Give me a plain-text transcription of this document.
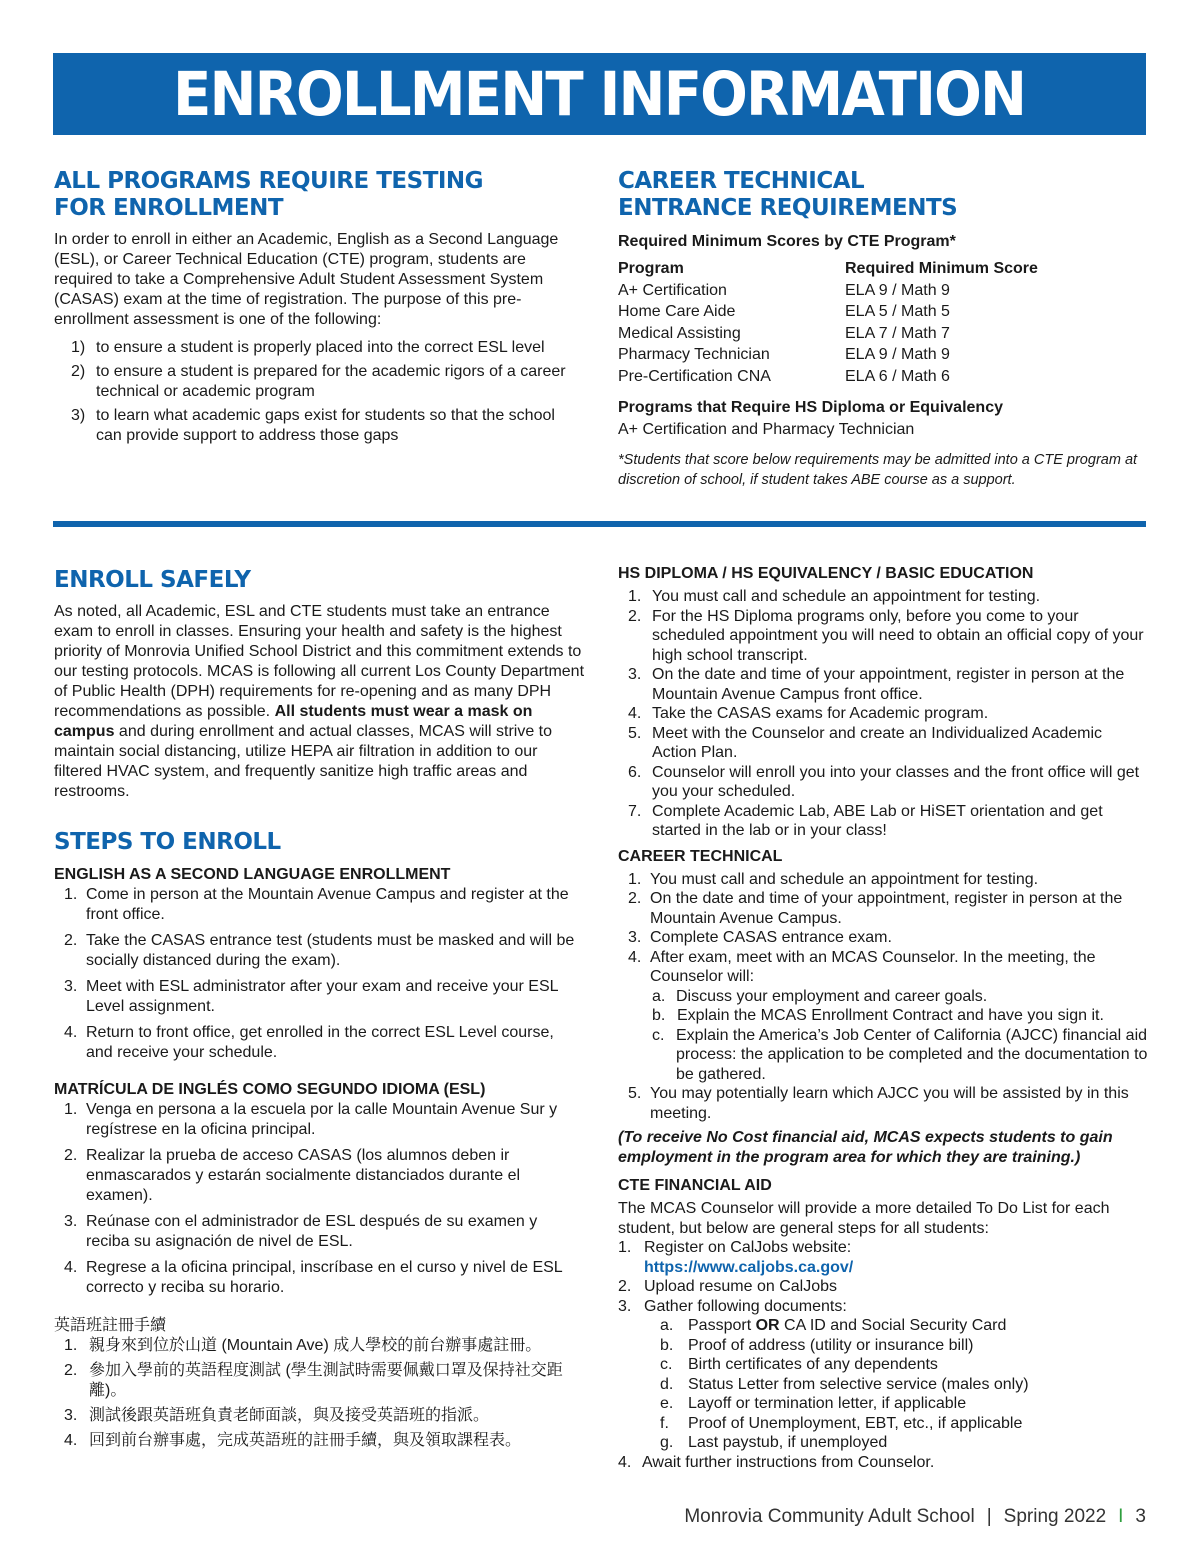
ENROLLMENT INFORMATION
ALL PROGRAMS REQUIRE TESTING
FOR ENROLLMENT

In order to enroll in either an Academic, English as a Second Language (ESL), or Career Technical Education (CTE) program, students are required to take a Comprehensive Adult Student Assessment System (CASAS) exam at the time of registration. The purpose of this pre-enrollment assessment is one of the following:

1) to ensure a student is properly placed into the correct ESL level
2) to ensure a student is prepared for the academic rigors of a career technical or academic program
3) to learn what academic gaps exist for students so that the school can provide support to address those gaps
CAREER TECHNICAL
ENTRANCE REQUIREMENTS
Required Minimum Scores by CTE Program*
Program	Required Minimum Score
A+ Certification	ELA 9 / Math 9
Home Care Aide	ELA 5 / Math 5
Medical Assisting	ELA 7 / Math 7
Pharmacy Technician	ELA 9 / Math 9
Pre-Certification CNA	ELA 6 / Math 6
Programs that Require HS Diploma or Equivalency

A+ Certification and Pharmacy Technician

*Students that score below requirements may be admitted into a CTE program at discretion of school, if student takes ABE course as a support.

ENROLL SAFELY

As noted, all Academic, ESL and CTE students must take an entrance exam to enroll in classes. Ensuring your health and safety is the highest priority of Monrovia Unified School District and this commitment extends to our testing protocols. MCAS is following all current Los County Department of Public Health (DPH) requirements for re-opening and as many DPH recommendations as possible. All students must wear a mask on campus and during enrollment and actual classes, MCAS will strive to maintain social distancing, utilize HEPA air filtration in addition to our filtered HVAC system, and frequently sanitize high traffic areas and restrooms.

STEPS TO ENROLL
ENGLISH AS A SECOND LANGUAGE ENROLLMENT
1. Come in person at the Mountain Avenue Campus and register at the front office.
2. Take the CASAS entrance test (students must be masked and will be socially distanced during the exam).
3. Meet with ESL administrator after your exam and receive your ESL Level assignment.
4. Return to front office, get enrolled in the correct ESL Level course, and receive your schedule.
MATRÍCULA DE INGLÉS COMO SEGUNDO IDIOMA (ESL)
1. Venga en persona a la escuela por la calle Mountain Avenue Sur y regístrese en la oficina principal.
2. Realizar la prueba de acceso CASAS (los alumnos deben ir enmascarados y estarán socialmente distanciados durante el examen).
3. Reúnase con el administrador de ESL después de su examen y reciba su asignación de nivel de ESL.
4. Regrese a la oficina principal, inscríbase en el curso y nivel de ESL correcto y reciba su horario.
英語班註冊手續
1. 親身來到位於山道 (Mountain Ave) 成人學校的前台辦事處註冊。
2. 參加入學前的英語程度測試 (學生測試時需要佩戴口罩及保持社交距離)。
3. 測試後跟英語班負責老師面談，與及接受英語班的指派。
4. 回到前台辦事處，完成英語班的註冊手續，與及領取課程表。
HS DIPLOMA / HS EQUIVALENCY / BASIC EDUCATION
1. You must call and schedule an appointment for testing.
2. For the HS Diploma programs only, before you come to your scheduled appointment you will need to obtain an official copy of your high school transcript.
3. On the date and time of your appointment, register in person at the Mountain Avenue Campus front office.
4. Take the CASAS exams for Academic program.
5. Meet with the Counselor and create an Individualized Academic Action Plan.
6. Counselor will enroll you into your classes and the front office will get you your scheduled.
7. Complete Academic Lab, ABE Lab or HiSET orientation and get started in the lab or in your class!
CAREER TECHNICAL
1. You must call and schedule an appointment for testing.
2. On the date and time of your appointment, register in person at the Mountain Avenue Campus.
3. Complete CASAS entrance exam.
4. After exam, meet with an MCAS Counselor. In the meeting, the Counselor will:
a. Discuss your employment and career goals.
b. Explain the MCAS Enrollment Contract and have you sign it.
c. Explain the America’s Job Center of California (AJCC) financial aid process: the application to be completed and the documentation to be gathered.
5. You may potentially learn which AJCC you will be assisted by in this meeting.

(To receive No Cost financial aid, MCAS expects students to gain employment in the program area for which they are training.)

CTE FINANCIAL AID

The MCAS Counselor will provide a more detailed To Do List for each student, but below are general steps for all students:

1. Register on CalJobs website:
https://www.caljobs.ca.gov/
2. Upload resume on CalJobs
3. Gather following documents:
a. Passport OR CA ID and Social Security Card
b. Proof of address (utility or insurance bill)
c. Birth certificates of any dependents
d. Status Letter from selective service (males only)
e. Layoff or termination letter, if applicable
f. Proof of Unemployment, EBT, etc., if applicable
g. Last paystub, if unemployed
4. Await further instructions from Counselor.
Monrovia Community Adult School | Spring 2022 I 3
